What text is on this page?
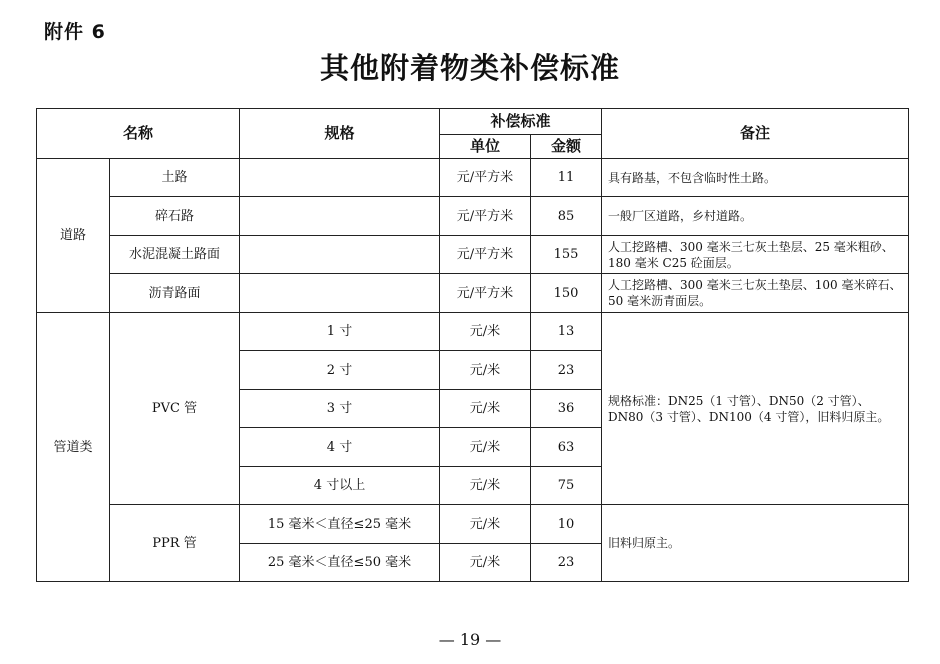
附件 6
其他附着物类补偿标准
名称		规格	补偿标准		备注
			单位	金额	
道路	土路		元/平方米	11	具有路基，不包含临时性土路。
	碎石路		元/平方米	85	一般厂区道路，乡村道路。
	水泥混凝土路面		元/平方米	155	人工挖路槽、300 毫米三七灰土垫层、25 毫米粗砂、180 毫米 C25 砼面层。
	沥青路面		元/平方米	150	人工挖路槽、300 毫米三七灰土垫层、100 毫米碎石、50 毫米沥青面层。
管道类	PVC 管	1 寸	元/米	13	规格标准：DN25（1 寸管）、DN50（2 寸管）、DN80（3 寸管）、DN100（4 寸管），旧料归原主。
		2 寸	元/米	23	
		3 寸	元/米	36	
		4 寸	元/米	63	
		4 寸以上	元/米	75	
	PPR 管	15 毫米＜直径≤25 毫米	元/米	10	旧料归原主。
		25 毫米＜直径≤50 毫米	元/米	23	
— 19 —
